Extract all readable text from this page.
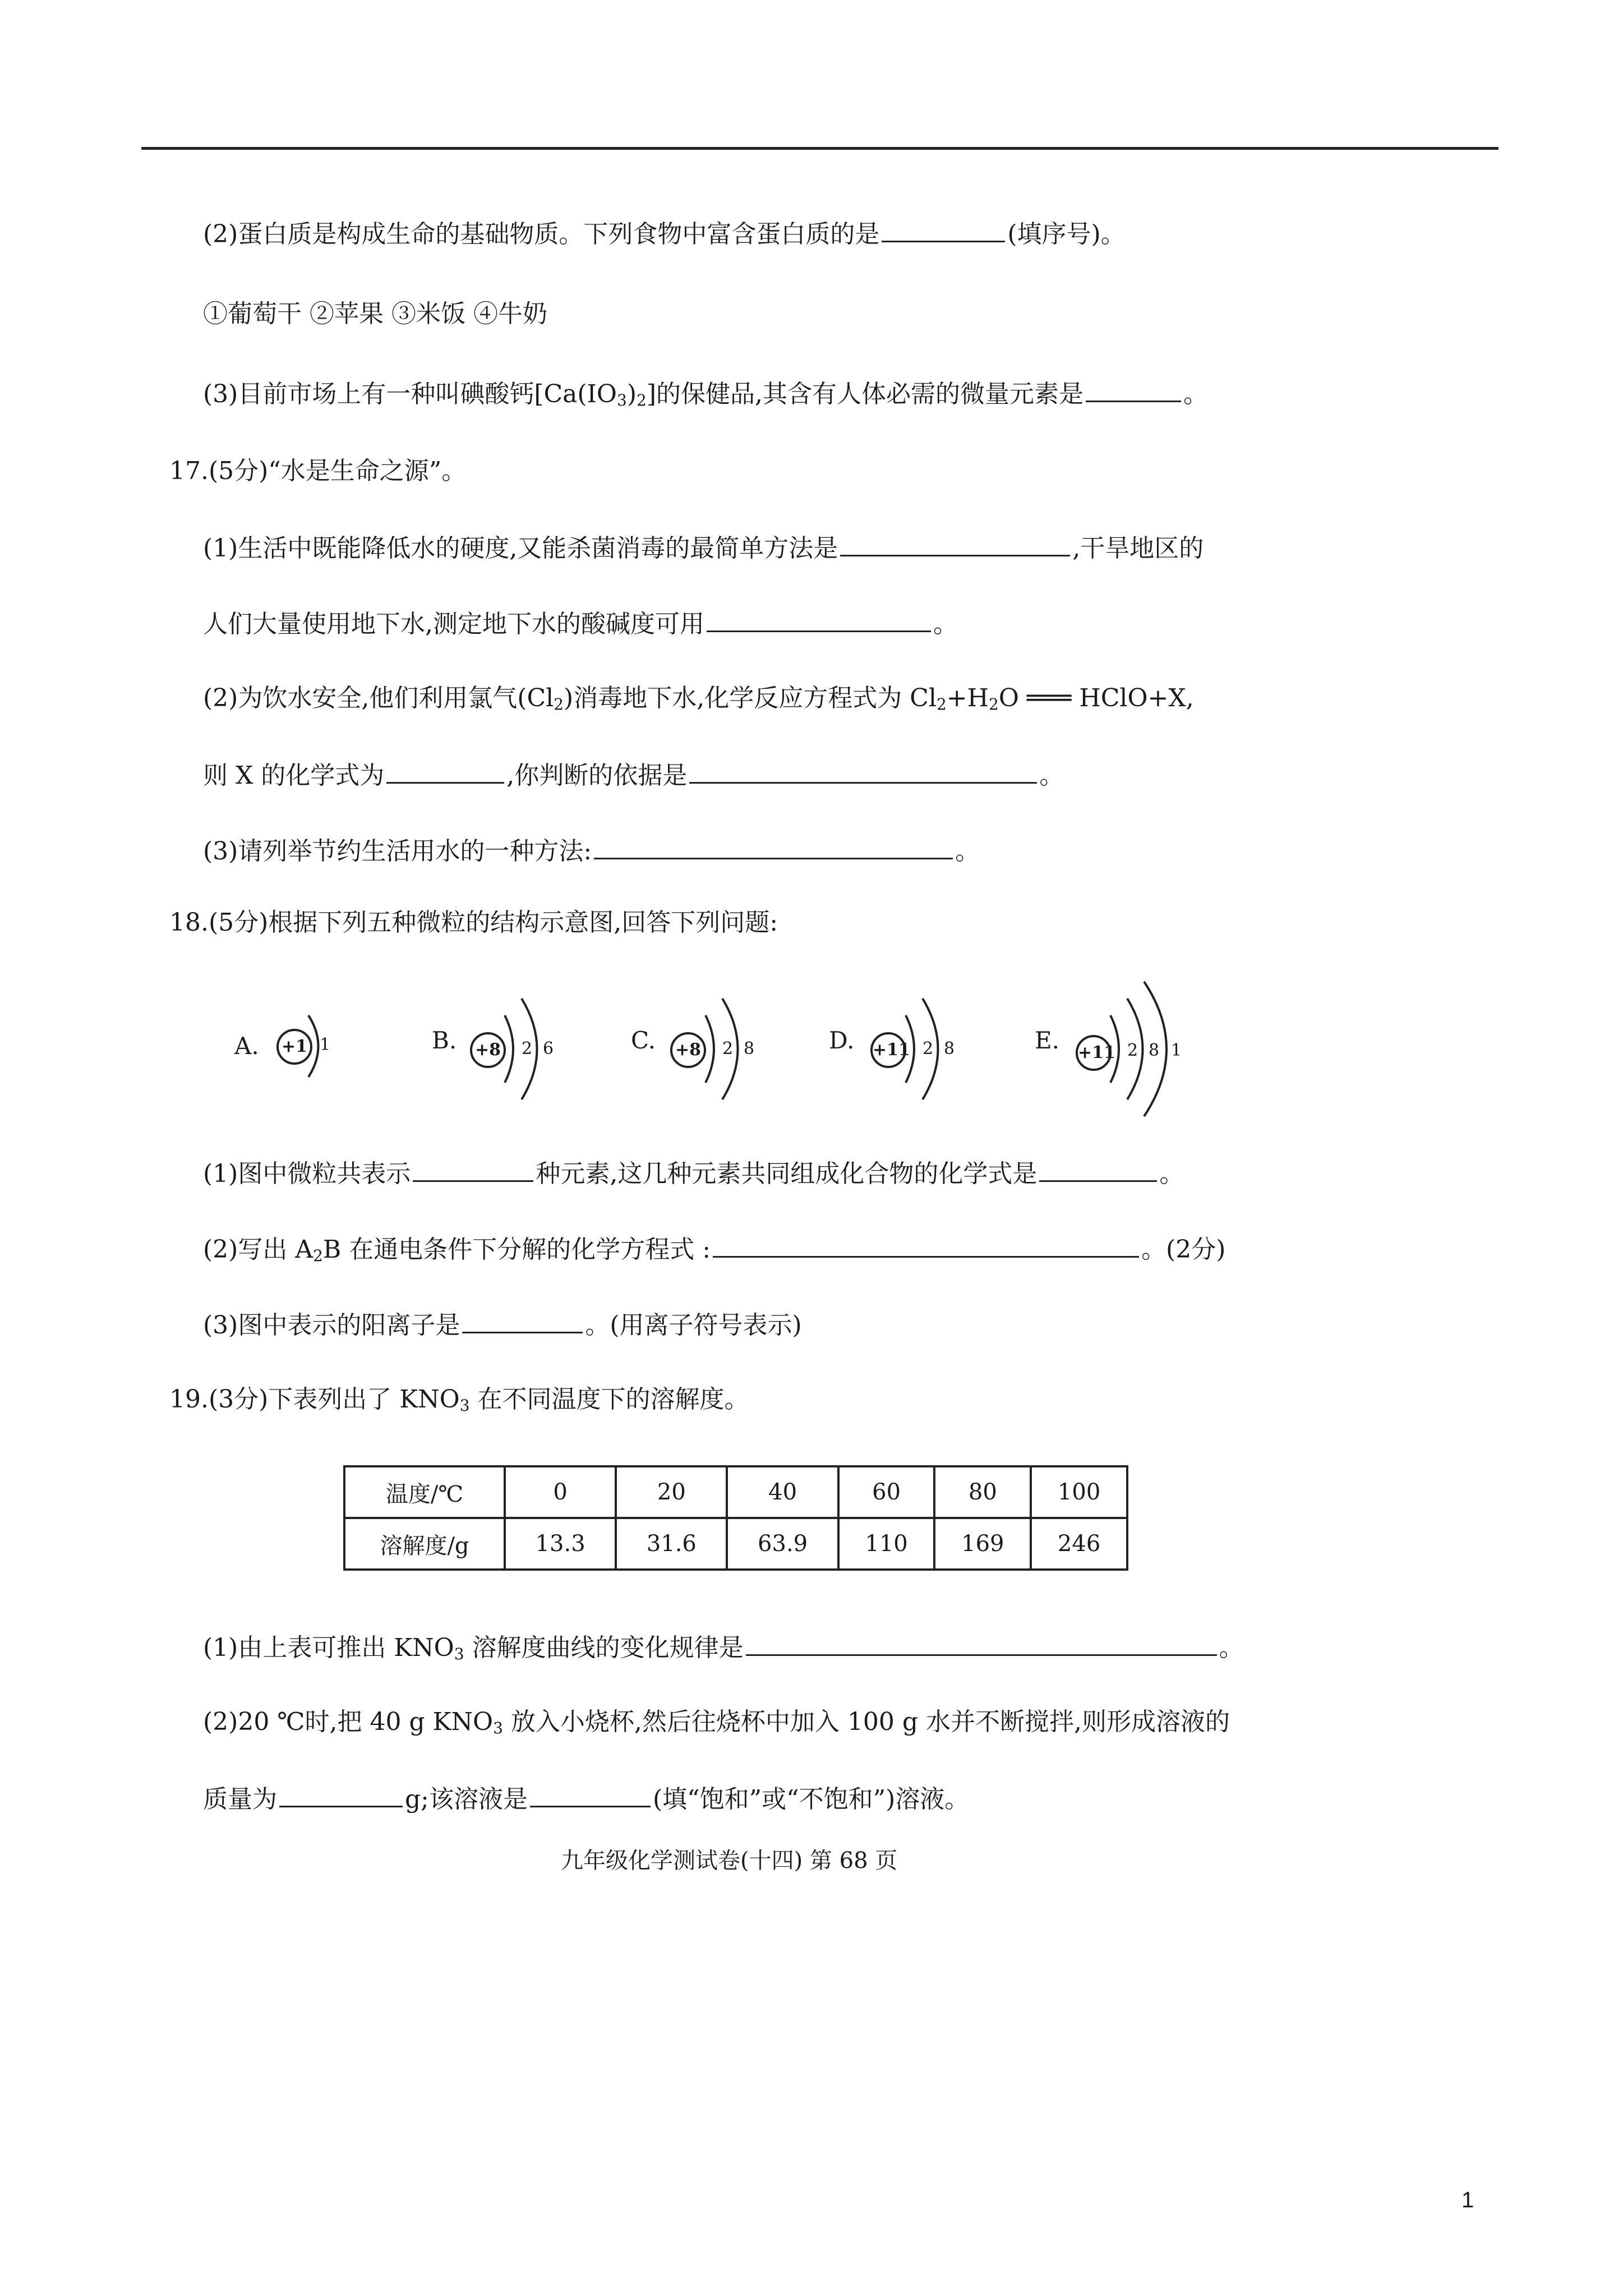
(2)蛋白质是构成生命的基础物质。下列食物中富含蛋白质的是	(填序号)。
①葡萄干 ②苹果 ③米饭 ④牛奶
(3)目前市场上有一种叫碘酸钙$[Ca(IO_3)_2]$的保健品,其含有人体必需的微量元素是	。
17.(5分)“水是生命之源”。
(1)生活中既能降低水的硬度,又能杀菌消毒的最简单方法是	,干旱地区的
人们大量使用地下水,测定地下水的酸碱度可用	。
(2)为饮水安全,他们利用氯气$(Cl_2)$消毒地下水,化学反应方程式为 $Cl_2+H_2O$ ═══ HClO+X,
则 X 的化学式为	,你判断的依据是	。
(3)请列举节约生活用水的一种方法:	。
18.(5分)根据下列五种微粒的结构示意图,回答下列问题:
A. +1 1	B. +8	2 6	C. +8	2 8	D. +11 2 8	E. +11 2 8 1
(1)图中微粒共表示	种元素,这几种元素共同组成化合物的化学式是	。
(2)写出 $A_2B$ 在通电条件下分解的化学方程式 :	。(2分)
(3)图中表示的阳离子是	。(用离子符号表示)
19.(3分)下表列出了 $KNO_3$ 在不同温度下的溶解度。
温度/℃	0	20	40	60	80	100
溶解度/g	13.3	31.6	63.9	110	169	246
(1)由上表可推出 $KNO_3$ 溶解度曲线的变化规律是	。
(2)20 ℃时,把 40 g $KNO_3$ 放入小烧杯,然后往烧杯中加入 100 g 水并不断搅拌,则形成溶液的
质量为	g;该溶液是	(填“饱和”或“不饱和”)溶液。
九年级化学测试卷(十四) 第 68 页
1
